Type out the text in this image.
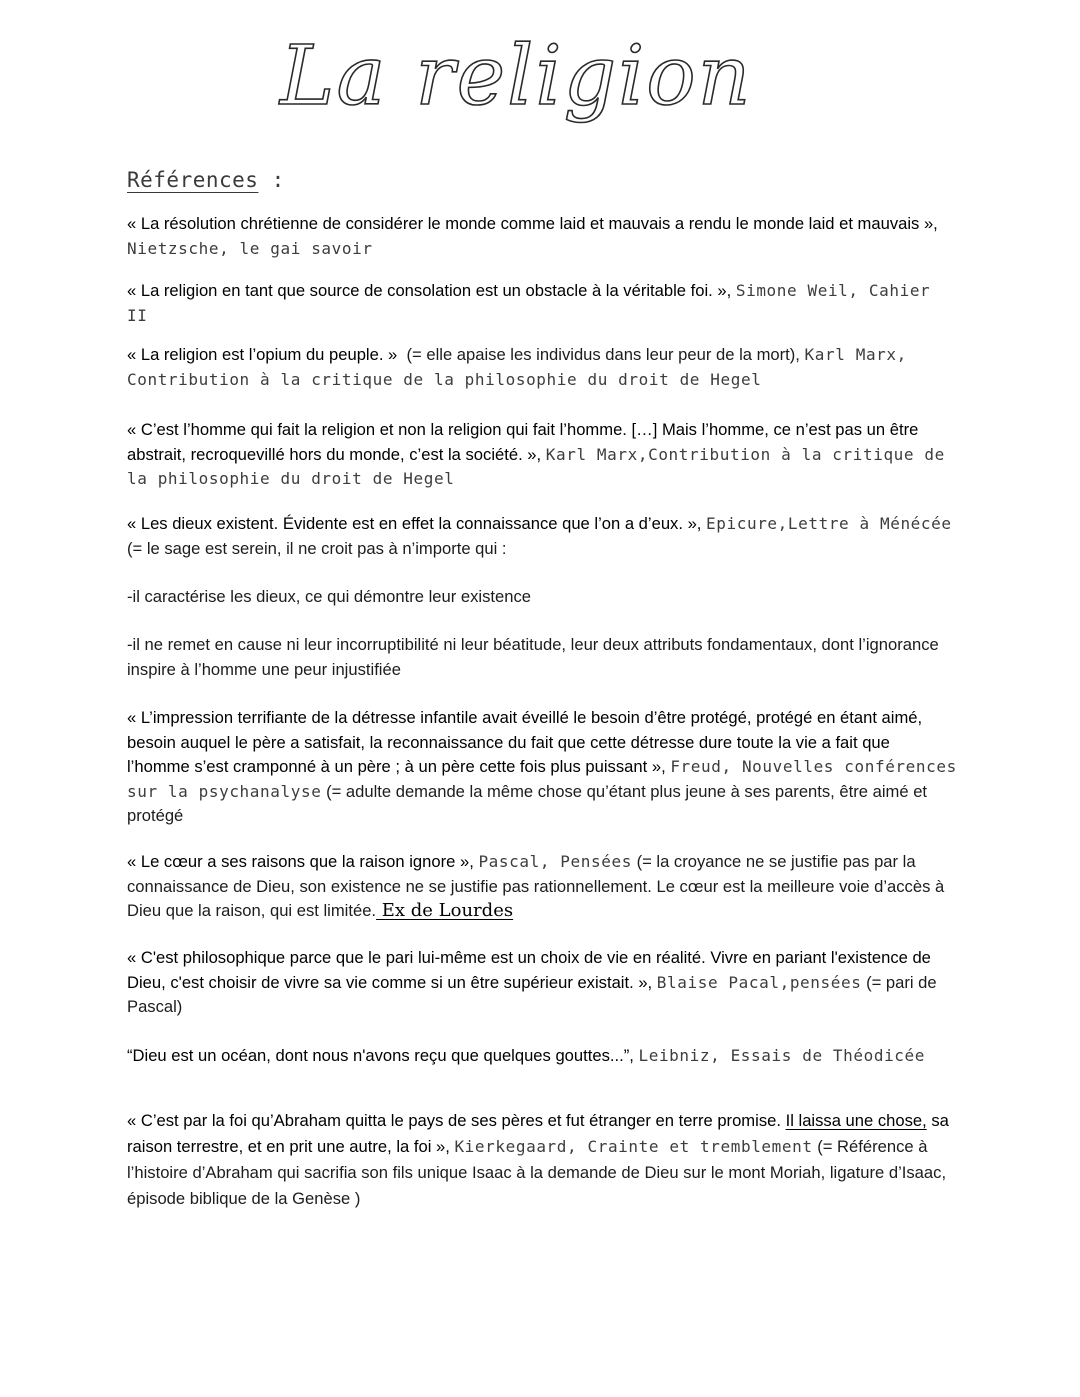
La religion
Références :

« La résolution chrétienne de considérer le monde comme laid et mauvais a rendu le monde laid et mauvais », Nietzsche, le gai savoir

« La religion en tant que source de consolation est un obstacle à la véritable foi. », Simone Weil, Cahier II

« La religion est l’opium du peuple. » (= elle apaise les individus dans leur peur de la mort), Karl Marx, Contribution à la critique de la philosophie du droit de Hegel

« C’est l’homme qui fait la religion et non la religion qui fait l’homme. […] Mais l’homme, ce n’est pas un être abstrait, recroquevillé hors du monde, c’est la société. », Karl Marx,Contribution à la critique de la philosophie du droit de Hegel

« Les dieux existent. Évidente est en effet la connaissance que l’on a d’eux. », Epicure,Lettre à Ménécée (= le sage est serein, il ne croit pas à n’importe qui :

-il caractérise les dieux, ce qui démontre leur existence

-il ne remet en cause ni leur incorruptibilité ni leur béatitude, leur deux attributs fondamentaux, dont l’ignorance inspire à l’homme une peur injustifiée

« L’impression terrifiante de la détresse infantile avait éveillé le besoin d’être protégé, protégé en étant aimé, besoin auquel le père a satisfait, la reconnaissance du fait que cette détresse dure toute la vie a fait que l’homme s’est cramponné à un père ; à un père cette fois plus puissant », Freud, Nouvelles conférences sur la psychanalyse (= adulte demande la même chose qu’étant plus jeune à ses parents, être aimé et protégé

« Le cœur a ses raisons que la raison ignore », Pascal, Pensées (= la croyance ne se justifie pas par la connaissance de Dieu, son existence ne se justifie pas rationnellement. Le cœur est la meilleure voie d’accès à Dieu que la raison, qui est limitée. Ex de Lourdes

« C'est philosophique parce que le pari lui-même est un choix de vie en réalité. Vivre en pariant l'existence de Dieu, c'est choisir de vivre sa vie comme si un être supérieur existait. », Blaise Pacal,pensées (= pari de Pascal)

“Dieu est un océan, dont nous n'avons reçu que quelques gouttes...”, Leibniz, Essais de Théodicée

« C’est par la foi qu’Abraham quitta le pays de ses pères et fut étranger en terre promise. Il laissa une chose, sa raison terrestre, et en prit une autre, la foi », Kierkegaard, Crainte et tremblement (= Référence à l’histoire d’Abraham qui sacrifia son fils unique Isaac à la demande de Dieu sur le mont Moriah, ligature d’Isaac, épisode biblique de la Genèse )
